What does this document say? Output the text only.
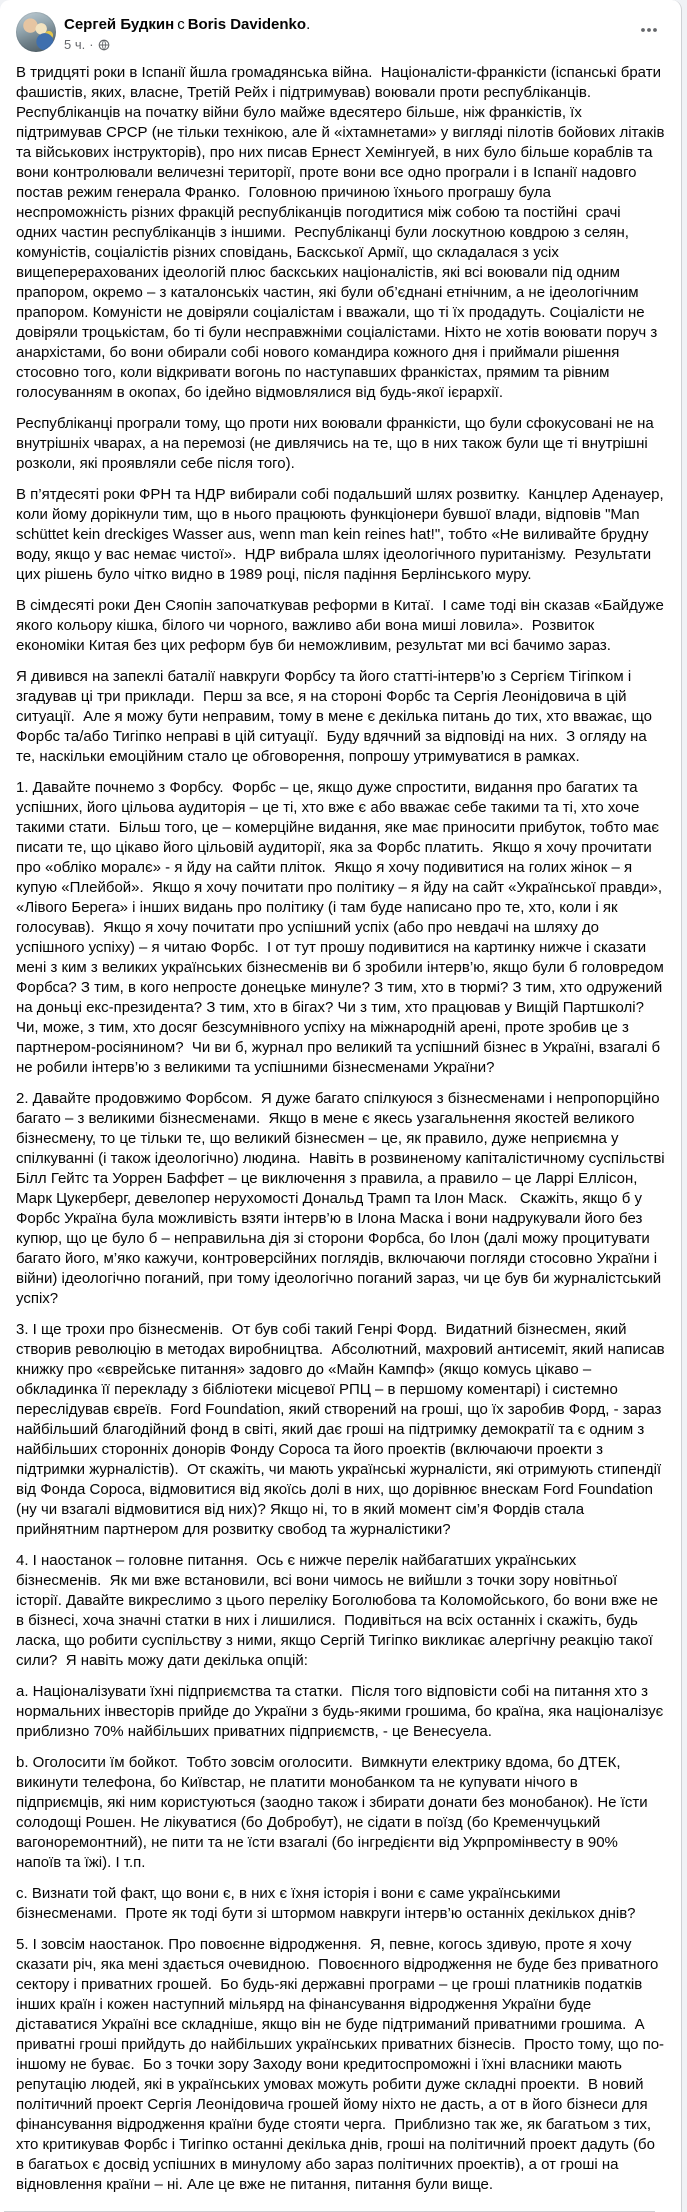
Сергей Будкин с Boris Davidenko.
5 ч. ·

В тридцяті роки в Іспанії йшла громадянська війна.  Націоналісти-франкісти (іспанські брати фашистів, яких, власне, Третій Рейх і підтримував) воювали проти республіканців.  Республіканців на початку війни було майже вдесятеро більше, ніж франкістів, їх підтримував СРСР (не тільки технікою, але й «іхтамнетами» у вигляді пілотів бойових літаків та військових інструкторів), про них писав Ернест Хемінгуей, в них було більше кораблів та вони контролювали величезні території, проте вони все одно програли і в Іспанії надовго постав режим генерала Франко.  Головною причиною їхнього програшу була неспроможність різних фракцій республіканців погодитися між собою та постійні  срачі одних частин республіканців з іншими.  Республіканці були лоскутною ковдрою з селян, комуністів, соціалістів різних сповідань, Баскської Армії, що складалася з усіх вищеперерахованих ідеологій плюс баскських націоналістів, які всі воювали під одним прапором, окремо – з каталонськіх частин, які були об’єднані етнічним, а не ідеологічним прапором. Комуністи не довіряли соціалістам і вважали, що ті їх продадуть. Соціалісти не довіряли троцькістам, бо ті були несправжніми соціалістами. Ніхто не хотів воювати поруч з анархістами, бо вони обирали собі нового командира кожного дня і приймали рішення стосовно того, коли відкривати вогонь по наступавших франкістах, прямим та рівним голосуванням в окопах, бо ідейно відмовлялися від будь-якої ієрархії.

Республіканці програли тому, що проти них воювали франкісти, що були сфокусовані не на внутрішніх чварах, а на перемозі (не дивлячись на те, що в них також були ще ті внутрішні розколи, які проявляли себе після того).

В п’ятдесяті роки ФРН та НДР вибирали собі подальший шлях розвитку.  Канцлер Аденауер, коли йому дорікнули тим, що в нього працюють функціонери бувшої влади, відповів "Man schüttet kein dreckiges Wasser aus, wenn man kein reines hat!", тобто «Не виливайте брудну воду, якщо у вас немає чистої».  НДР вибрала шлях ідеологічного пуританізму.  Результати цих рішень було чітко видно в 1989 році, після падіння Берлінського муру.

В сімдесяті роки Ден Сяопін започаткував реформи в Китаї.  І саме тоді він сказав «Байдуже якого кольору кішка, білого чи чорного, важливо аби вона миші ловила».  Розвиток економіки Китая без цих реформ був би неможливим, результат ми всі бачимо зараз.

Я дивився на запеклі баталії навкруги Форбсу та його статті-інтерв’ю з Сергієм Тігіпком і згадував ці три приклади.  Перш за все, я на стороні Форбс та Сергія Леонідовича в цій ситуації.  Але я можу бути неправим, тому в мене є декілька питань до тих, хто вважає, що Форбс та/або Тигіпко неправі в цій ситуації.  Буду вдячний за відповіді на них.  З огляду на те, наскільки емоційним стало це обговорення, попрошу утримуватися в рамках.

1. Давайте почнемо з Форбсу.  Форбс – це, якщо дуже спростити, видання про багатих та успішних, його цільова аудиторія – це ті, хто вже є або вважає себе такими та ті, хто хоче такими стати.  Більш того, це – комерційне видання, яке має приносити прибуток, тобто має писати те, що цікаво його цільовій аудиторії, яка за Форбс платить.  Якщо я хочу прочитати про «обліко моралє» - я йду на сайти пліток.  Якщо я хочу подивитися на голих жінок – я купую «Плейбой».  Якщо я хочу почитати про політику – я йду на сайт «Української правди», «Лівого Берега» і інших видань про політику (і там буде написано про те, хто, коли і як голосував).  Якщо я хочу почитати про успішний успіх (або про невдачі на шляху до успішного успіху) – я читаю Форбс.  І от тут прошу подивитися на картинку нижче і сказати мені з ким з великих українських бізнесменів ви б зробили інтерв’ю, якщо були б головредом Форбса? З тим, в кого непросте донецьке минуле? З тим, хто в тюрмі? З тим, хто одружений на доньці екс-президента? З тим, хто в бігах? Чи з тим, хто працював у Вищій Партшколі? Чи, може, з тим, хто досяг безсумнівного успіху на міжнародній арені, проте зробив це з партнером-росіянином?  Чи ви б, журнал про великий та успішний бізнес в Україні, взагалі б не робили інтерв’ю з великими та успішними бізнесменами України?

2. Давайте продовжимо Форбсом.  Я дуже багато спілкуюся з бізнесменами і непропорційно багато – з великими бізнесменами.  Якщо в мене є якесь узагальнення якостей великого бізнесмену, то це тільки те, що великий бізнесмен – це, як правило, дуже неприємна у спілкуванні (і також ідеологічно) людина.  Навіть в розвиненому капіталістичному суспільстві Білл Гейтс та Уоррен Баффет – це виключення з правила, а правило – це Ларрі Еллісон, Марк Цукерберг, девелопер нерухомості Дональд Трамп та Ілон Маск.   Скажіть, якщо б у Форбс Україна була можливість взяти інтерв’ю в Ілона Маска і вони надрукували його без купюр, що це було б – неправильна дія зі сторони Форбса, бо Ілон (далі можу процитувати багато його, м’яко кажучи, контроверсійних поглядів, включаючи погляди стосовно України і війни) ідеологічно поганий, при тому ідеологічно поганий зараз, чи це був би журналістський успіх?

3. І ще трохи про бізнесменів.  От був собі такий Генрі Форд.  Видатний бізнесмен, який створив революцію в методах виробництва.  Абсолютний, махровий антисеміт, який написав книжку про «єврейське питання» задовго до «Майн Кампф» (якщо комусь цікаво – обкладинка її перекладу з бібліотеки місцевої РПЦ – в першому коментарі) і системно переслідував євреїв.  Ford Foundation, який створений на гроші, що їх заробив Форд, - зараз найбільший благодійний фонд в світі, який дає гроші на підтримку демократії та є одним з найбільших сторонніх донорів Фонду Сороса та його проектів (включаючи проекти з підтримки журналістів).  От скажіть, чи мають українські журналісти, які отримують стипендії від Фонда Сороса, відмовитися від якоїсь долі в них, що дорівнює внескам Ford Foundation (ну чи взагалі відмовитися від них)? Якщо ні, то в який момент сім’я Фордів стала прийнятним партнером для розвитку свобод та журналістики?

4. І наостанок – головне питання.  Ось є нижче перелік найбагатших українських бізнесменів.  Як ми вже встановили, всі вони чимось не вийшли з точки зору новітньої історії. Давайте викреслимо з цього переліку Боголюбова та Коломойського, бо вони вже не в бізнесі, хоча значні статки в них і лишилися.  Подивіться на всіх останніх і скажіть, будь ласка, що робити суспільству з ними, якщо Сергій Тигіпко викликає алергічну реакцію такої сили?  Я навіть можу дати декілька опцій:

a. Націоналізувати їхні підприємства та статки.  Після того відповісти собі на питання хто з нормальних інвесторів прийде до України з будь-якими грошима, бо країна, яка націоналізує приблизно 70% найбільших приватних підприємств, - це Венесуела.

b. Оголосити їм бойкот.  Тобто зовсім оголосити.  Вимкнути електрику вдома, бо ДТЕК, викинути телефона, бо Київстар, не платити монобанком та не купувати нічого в підприємців, які ним користуються (заодно також і збирати донати без монобанок). Не їсти солодощі Рошен. Не лікуватися (бо Добробут), не сідати в поїзд (бо Кременчуцький вагоноремонтний), не пити та не їсти взагалі (бо інгредієнти від Укрпромінвесту в 90% напоїв та їжі). І т.п.

c. Визнати той факт, що вони є, в них є їхня історія і вони є саме українськими бізнесменами.  Проте як тоді бути зі штормом навкруги інтерв’ю останніх декількох днів?

5. І зовсім наостанок. Про повоєнне відродження.  Я, певне, когось здивую, проте я хочу сказати річ, яка мені здається очевидною.  Повоєнного відродження не буде без приватного сектору і приватних грошей.  Бо будь-які державні програми – це гроші платників податків інших країн і кожен наступний мільярд на фінансування відродження України буде діставатися Україні все складніше, якщо він не буде підтриманий приватними грошима.  А приватні гроші прийдуть до найбільших українських приватних бізнесів.  Просто тому, що по-іншому не буває.  Бо з точки зору Заходу вони кредитоспроможні і їхні власники мають репутацію людей, які в українських умовах можуть робити дуже складні проекти.  В новий політичний проект Сергія Леонідовича грошей йому ніхто не дасть, а от в його бізнеси для фінансування відродження країни буде стояти черга.  Приблизно так же, як багатьом з тих, хто критикував Форбс і Тигіпко останні декілька днів, гроші на політичний проект дадуть (бо в багатьох є досвід успішних в минулому або зараз політичних проектів), а от гроші на відновлення країни – ні. Але це вже не питання, питання були вище.
